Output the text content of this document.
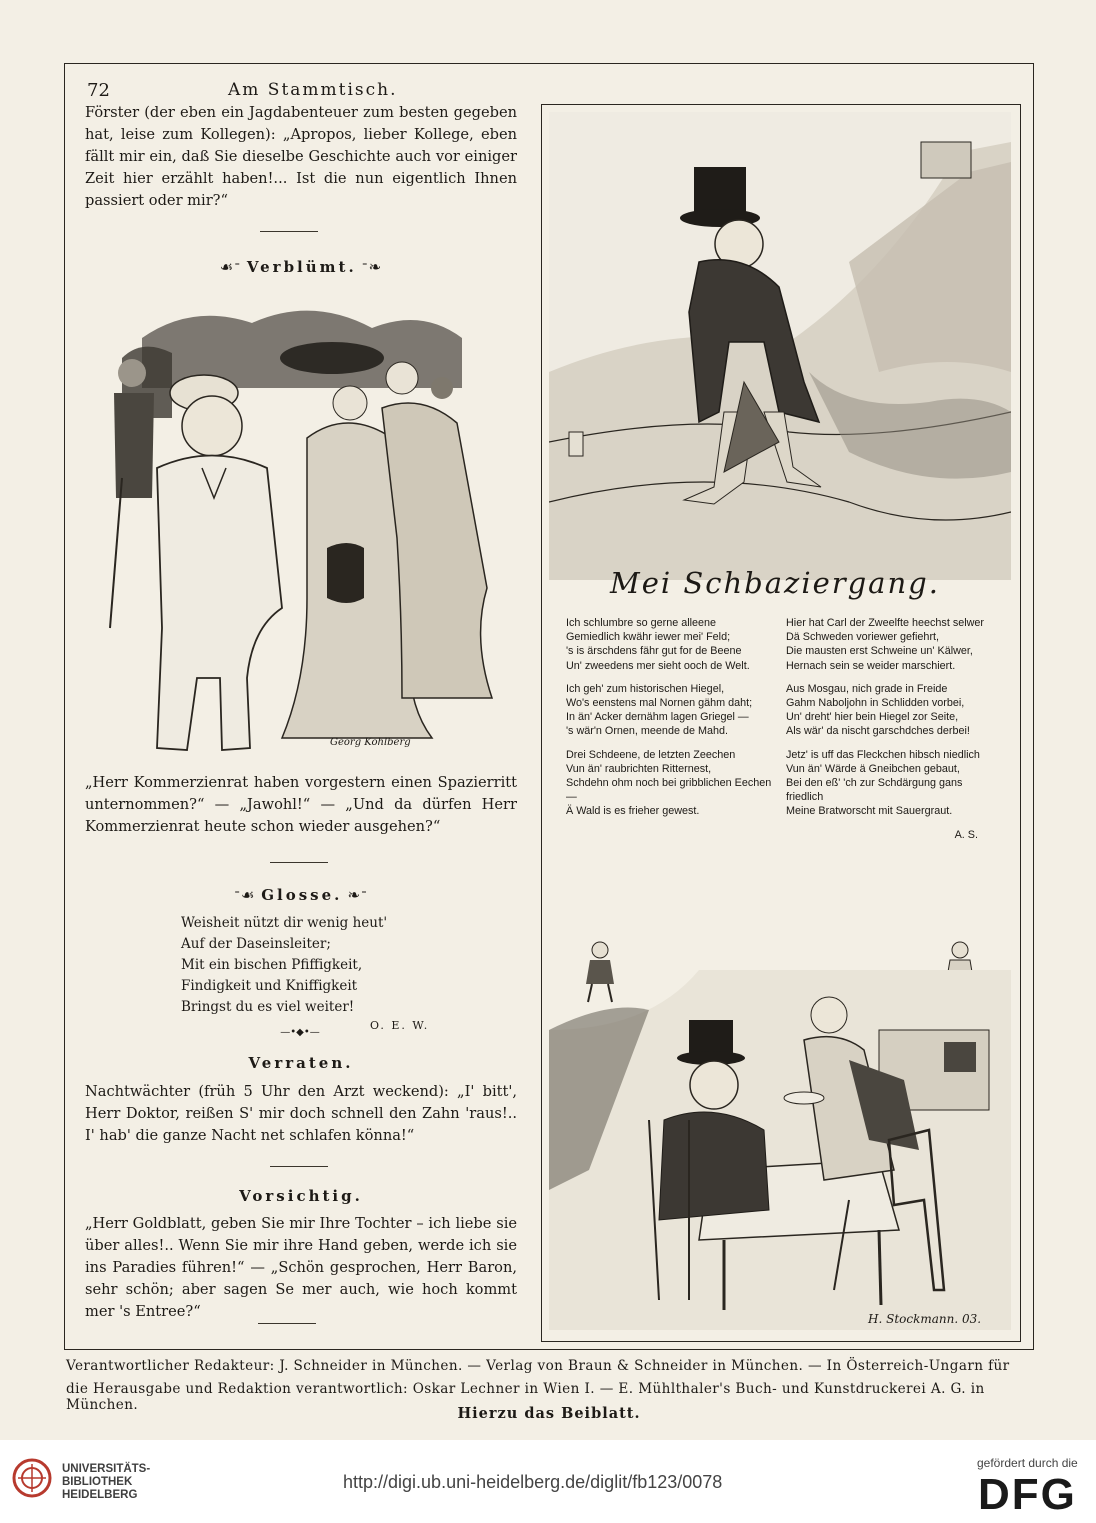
72	Am Stammtisch.
Förster (der eben ein Jagdabenteuer zum besten gegeben hat, leise zum Kollegen): „Apropos, lieber Kollege, eben fällt mir ein, daß Sie dieselbe Geschichte auch vor einiger Zeit hier erzählt haben!... Ist die nun eigentlich Ihnen passiert oder mir?“
☙ᐨ Verblümt. ᐨ❧
Georg Kohlberg
„Herr Kommerzienrat haben vorgestern einen Spazierritt unternommen?“ — „Jawohl!“ — „Und da dürfen Herr Kommerzienrat heute schon wieder ausgehen?“
ᐨ☙ Glosse. ❧ᐨ
Weisheit nützt dir wenig heut'
Auf der Daseinsleiter;
Mit ein bischen Pfiffigkeit,
Findigkeit und Kniffigkeit
Bringst du es viel weiter!
O. E. W.
—•◆•—
Verraten.
Nachtwächter (früh 5 Uhr den Arzt weckend): „I' bitt', Herr Doktor, reißen S' mir doch schnell den Zahn 'raus!.. I' hab' die ganze Nacht net schlafen könna!“
Vorsichtig.
„Herr Goldblatt, geben Sie mir Ihre Tochter – ich liebe sie über alles!.. Wenn Sie mir ihre Hand geben, werde ich sie ins Paradies führen!“ — „Schön gesprochen, Herr Baron, sehr schön; aber sagen Se mer auch, wie hoch kommt mer 's Entree?“
Mei Schbaziergang.
Ich schlumbre so gerne alleene
Gemiedlich kwähr iewer mei' Feld;
's is ärschdens fähr gut for de Beene
Un' zweedens mer sieht ooch de Welt.
Ich geh' zum historischen Hiegel,
Wo's eenstens mal Nornen gähm daht;
In än' Acker dernähm lagen Griegel —
's wär'n Ornen, meende de Mahd.
Drei Schdeene, de letzten Zeechen
Vun än' raubrichten Ritternest,
Schdehn ohm noch bei gribblichen Eechen —
Ä Wald is es frieher gewest.
Hier hat Carl der Zweelfte heechst selwer
Dä Schweden voriewer gefiehrt,
Die mausten erst Schweine un' Kälwer,
Hernach sein se weider marschiert.
Aus Mosgau, nich grade in Freide
Gahm Naboljohn in Schlidden vorbei,
Un' dreht' hier bein Hiegel zor Seite,
Als wär' da nischt garschdches derbei!
Jetz' is uff das Fleckchen hibsch niedlich
Vun än' Wärde ä Gneibchen gebaut,
Bei den eß' 'ch zur Schdärgung gans friedlich
Meine Bratworscht mit Sauergraut.
A. S.
H. Stockmann. 03.
Verantwortlicher Redakteur: J. Schneider in München. — Verlag von Braun & Schneider in München. — In Österreich-Ungarn für
die Herausgabe und Redaktion verantwortlich: Oskar Lechner in Wien I. — E. Mühlthaler's Buch- und Kunstdruckerei A. G. in München.	Hierzu das Beiblatt.
UNIVERSITÄTS-
BIBLIOTHEK
HEIDELBERG
http://digi.ub.uni-heidelberg.de/diglit/fb123/0078
gefördert durch die
DFG
